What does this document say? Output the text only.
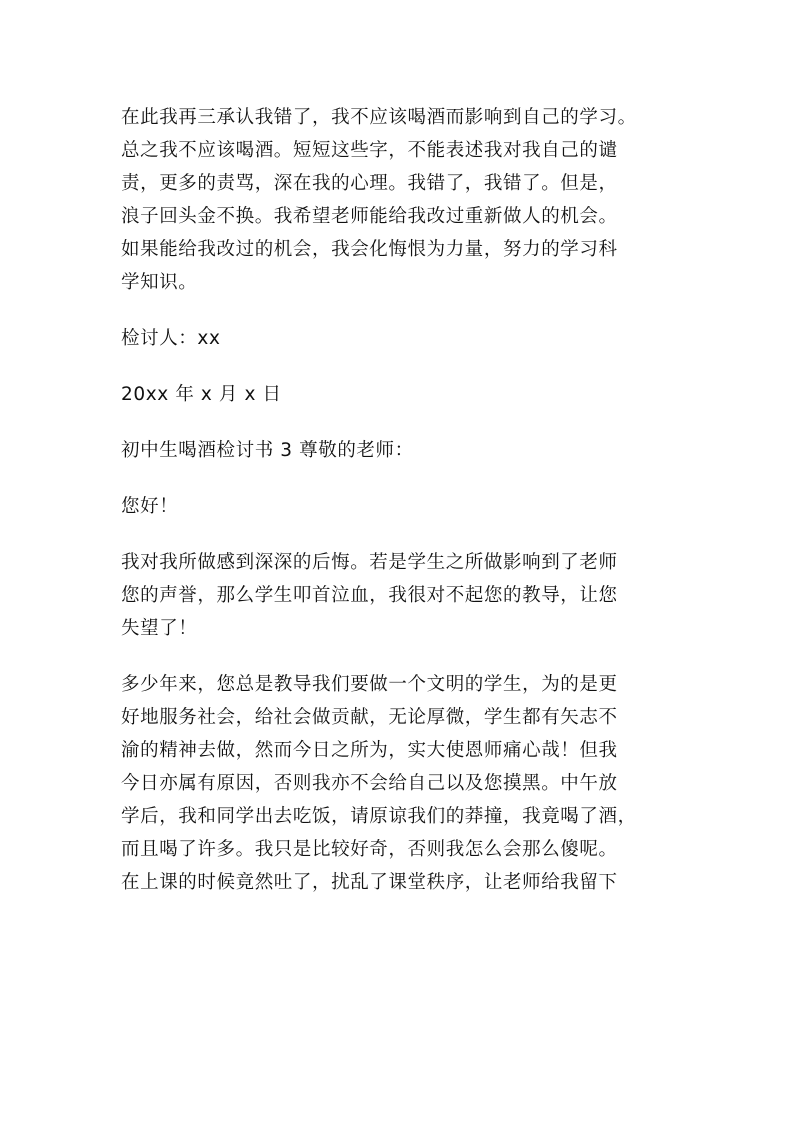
在此我再三承认我错了，我不应该喝酒而影响到自己的学习。
总之我不应该喝酒。短短这些字，不能表述我对我自己的谴
责，更多的责骂，深在我的心理。我错了，我错了。但是，
浪子回头金不换。我希望老师能给我改过重新做人的机会。
如果能给我改过的机会，我会化悔恨为力量，努力的学习科
学知识。
检讨人：xx
20xx 年 x 月 x 日
初中生喝酒检讨书 3 尊敬的老师：
您好！
我对我所做感到深深的后悔。若是学生之所做影响到了老师
您的声誉，那么学生叩首泣血，我很对不起您的教导，让您
失望了！
多少年来，您总是教导我们要做一个文明的学生，为的是更
好地服务社会，给社会做贡献，无论厚微，学生都有矢志不
渝的精神去做，然而今日之所为，实大使恩师痛心哉！但我
今日亦属有原因，否则我亦不会给自己以及您摸黑。中午放
学后，我和同学出去吃饭，请原谅我们的莽撞，我竟喝了酒，
而且喝了许多。我只是比较好奇，否则我怎么会那么傻呢。
在上课的时候竟然吐了，扰乱了课堂秩序，让老师给我留下
